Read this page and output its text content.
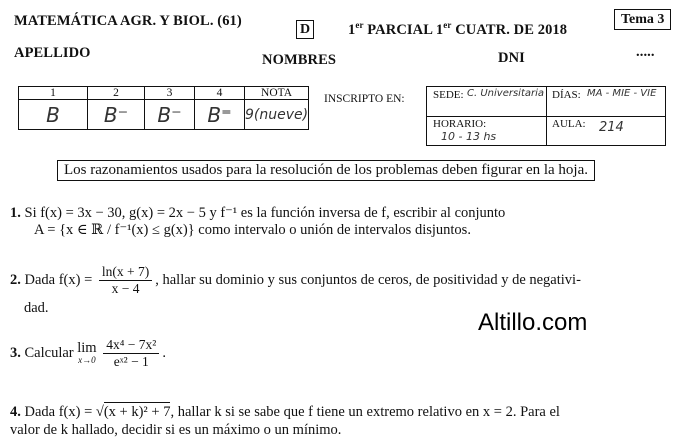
MATEMÁTICA AGR. Y BIOL. (61)
D	1er PARCIAL 1er CUATR. DE 2018
Tema 3
APELLIDO	NOMBRES	DNI	.....
1	2	3	4	NOTA
B	B⁻	B⁻	B⁼	9(nueve)
INSCRIPTO EN:	SEDE: C. Universitaria DÍAS: MA - MIE - VIE
HORARIO:
10 - 13 hs
AULA: 214
Los razonamientos usados para la resolución de los problemas deben figurar en la hoja.
1. Si f(x) = 3x − 30, g(x) = 2x − 5 y f⁻¹ es la función inversa de f, escribir al conjunto
A = {x ∈ ℝ / f⁻¹(x) ≤ g(x)} como intervalo o unión de intervalos disjuntos.
2. Dada $f(x) = \frac{\ln(x + 7)}{x - 4}$ , hallar su dominio y sus conjuntos de ceros, de positividad y de negativi-
dad.
Altillo.com
3. Calcular lim
x→0
$\frac{\text{4x⁴ − 7x²}}{\text{eˣ² − 1}}$ .
4. Dada f(x) = √(x + k)² + 7, hallar k si se sabe que f tiene un extremo relativo en x = 2. Para el
valor de k hallado, decidir si es un máximo o un mínimo.
